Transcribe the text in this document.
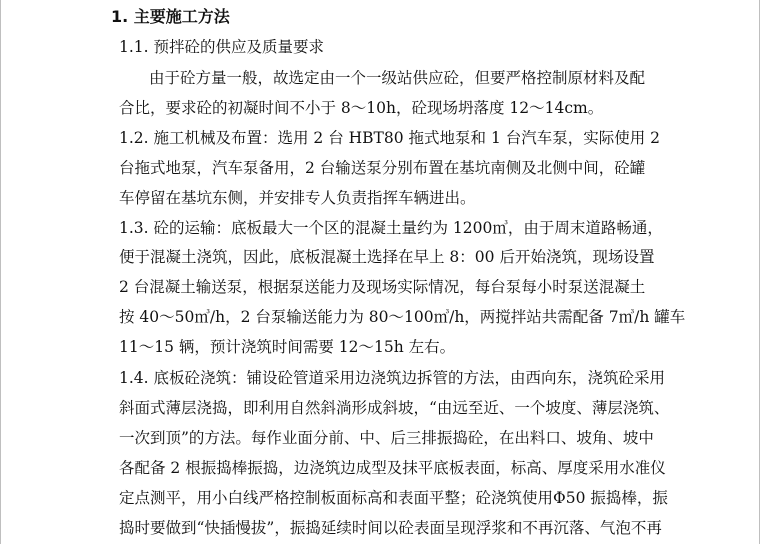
1. 主要施工方法
1.1. 预拌砼的供应及质量要求
由于砼方量一般，故选定由一个一级站供应砼，但要严格控制原材料及配
合比，要求砼的初凝时间不小于 8～10h，砼现场坍落度 12～14cm。
1.2. 施工机械及布置：选用 2 台 HBT80 拖式地泵和 1 台汽车泵，实际使用 2
台拖式地泵，汽车泵备用，2 台输送泵分别布置在基坑南侧及北侧中间，砼罐
车停留在基坑东侧，并安排专人负责指挥车辆进出。
1.3. 砼的运输：底板最大一个区的混凝土量约为 1200㎥，由于周末道路畅通，
便于混凝土浇筑，因此，底板混凝土选择在早上 8：00 后开始浇筑，现场设置
2 台混凝土输送泵，根据泵送能力及现场实际情况，每台泵每小时泵送混凝土
按 40～50㎥/h，2 台泵输送能力为 80～100㎥/h，两搅拌站共需配备 7㎥/h 罐车
11～15 辆，预计浇筑时间需要 12～15h 左右。
1.4. 底板砼浇筑：铺设砼管道采用边浇筑边拆管的方法，由西向东，浇筑砼采用
斜面式薄层浇捣，即利用自然斜淌形成斜坡，“由远至近、一个坡度、薄层浇筑、
一次到顶”的方法。每作业面分前、中、后三排振捣砼，在出料口、坡角、坡中
各配备 2 根振捣棒振捣，边浇筑边成型及抹平底板表面，标高、厚度采用水准仪
定点测平，用小白线严格控制板面标高和表面平整；砼浇筑使用Φ50 振捣棒，振
捣时要做到“快插慢拔”，振捣延续时间以砼表面呈现浮浆和不再沉落、气泡不再
